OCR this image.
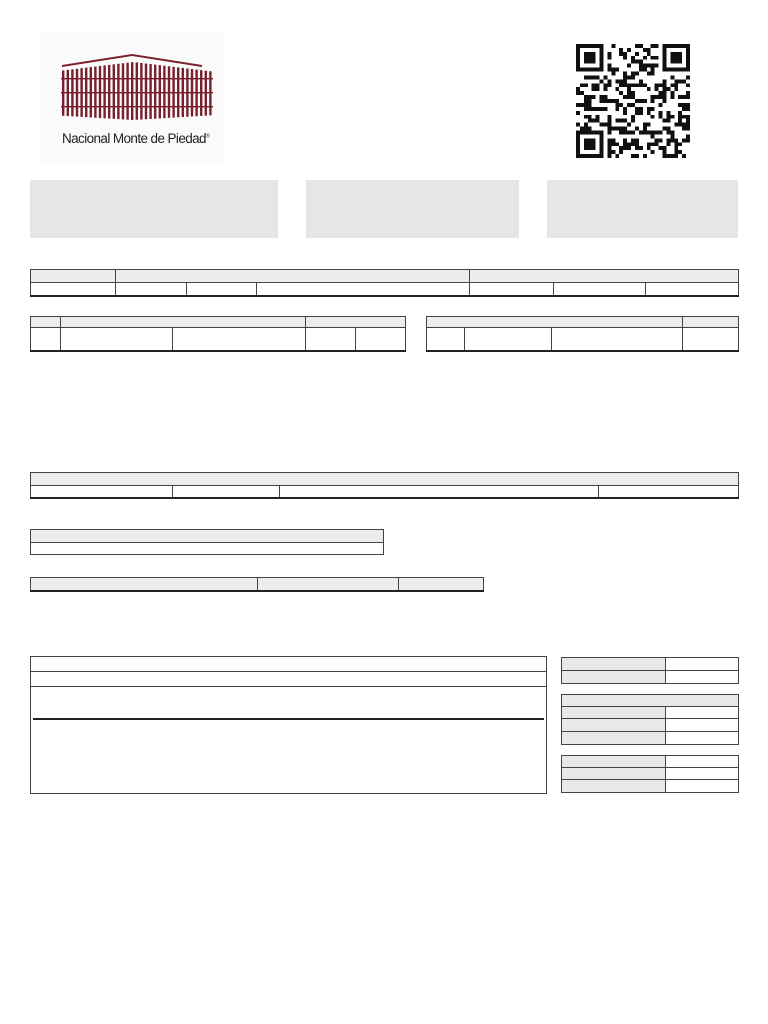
Nacional Monte de Piedad®
